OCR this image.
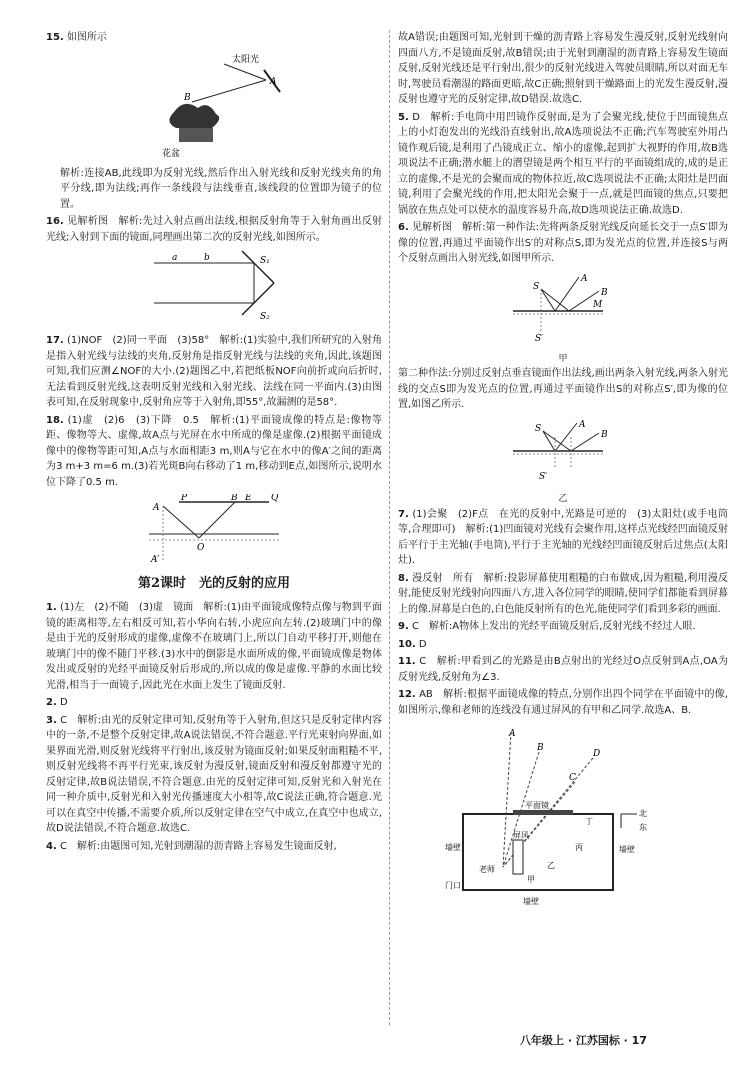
15. 如图所示
太阳光
A
B
花盆
解析:连接AB,此线即为反射光线,然后作出入射光线和反射光线夹角的角平分线,即为法线;再作一条线段与法线垂直,该线段的位置即为镜子的位置。
16. 见解析图　解析:先过入射点画出法线,根据反射角等于入射角画出反射光线;入射到下面的镜面,同理画出第二次的反射光线,如图所示。
a	b	S₁
S₂
17. (1)NOF　(2)同一平面　(3)58°　解析:(1)实验中,我们所研究的入射角是指入射光线与法线的夹角,反射角是指反射光线与法线的夹角,因此,该题图可知,我们应测∠NOF的大小.(2)题图乙中,若把纸板NOF向前折或向后折时,无法看到反射光线,这表明反射光线和入射光线、法线在同一平面内.(3)由图表可知,在反射现象中,反射角应等于入射角,即55°,故漏测的是58°.
18. (1)虚　(2)6　(3)下降　0.5　解析:(1)平面镜成像的特点是:像物等距、像物等大、虚像,故A点与光屏在水中所成的像是虚像.(2)根据平面镜成像中的像物等距可知,A点与水面相距3 m,则A与它在水中的像A′之间的距离为3 m+3 m=6 m.(3)若光斑B向右移动了1 m,移动到E点,如图所示,说明水位下降了0.5 m.
A
P	B E Q
O
A′
第2课时　光的反射的应用
1. (1)左　(2)不随　(3)虚　镜面　解析:(1)由平面镜成像特点像与物到平面镜的距离相等,左右相反可知,若小华向右转,小虎应向左转.(2)玻璃门中的像是由于光的反射形成的虚像,虚像不在玻璃门上,所以门自动平移打开,则他在玻璃门中的像不随门平移.(3)水中的倒影是水面所成的像,平面镜成像是物体发出或反射的光经平面镜反射后形成的,所以成的像是虚像.平静的水面比较光滑,相当于一面镜子,因此光在水面上发生了镜面反射.
2. D
3. C　解析:由光的反射定律可知,反射角等于入射角,但这只是反射定律内容中的一条,不是整个反射定律,故A说法错误,不符合题意.平行光束射向界面,如果界面光滑,则反射光线将平行射出,该反射为镜面反射;如果反射面粗糙不平,则反射光线将不再平行光束,该反射为漫反射,镜面反射和漫反射都遵守光的反射定律,故B说法错误,不符合题意.由光的反射定律可知,反射光和入射光在同一种介质中,反射光和入射光传播速度大小相等,故C说法正确,符合题意.光可以在真空中传播,不需要介质,所以反射定律在空气中成立,在真空中也成立,故D说法错误,不符合题意.故选C.
4. C　解析:由题图可知,光射到潮湿的沥青路上容易发生镜面反射,
故A错误;由题图可知,光射到干燥的沥青路上容易发生漫反射,反射光线射向四面八方,不是镜面反射,故B错误;由于光射到潮湿的沥青路上容易发生镜面反射,反射光线还是平行射出,很少的反射光线进入驾驶员眼睛,所以对面无车时,驾驶员看潮湿的路面更暗,故C正确;照射到干燥路面上的光发生漫反射,漫反射也遵守光的反射定律,故D错误.故选C.
5. D　解析:手电筒中用凹镜作反射面,是为了会聚光线,使位于凹面镜焦点上的小灯泡发出的光线沿直线射出,故A选项说法不正确;汽车驾驶室外用凸镜作观后镜,是利用了凸镜成正立、缩小的虚像,起到扩大视野的作用,故B选项说法不正确;潜水艇上的潜望镜是两个相互平行的平面镜组成的,成的是正立的虚像,不是光的会聚而成的物体拉近,故C选项说法不正确;太阳灶是凹面镜,利用了会聚光线的作用,把太阳光会聚于一点,就是凹面镜的焦点,只要把锅放在焦点处可以使水的温度容易升高,故D选项说法正确.故选D.
6. 见解析图　解析:第一种作法:先将两条反射光线反向延长交于一点S′即为像的位置,再通过平面镜作出S′的对称点S,即为发光点的位置,并连接S与两个反射点画出入射光线,如图甲所示.
S
A
B
M
S′
甲
第二种作法:分别过反射点垂直镜面作出法线,画出两条入射光线,两条入射光线的交点S即为发光点的位置,再通过平面镜作出S的对称点S′,即为像的位置,如图乙所示.
S	A
B
S′
乙
7. (1)会聚　(2)F点　在光的反射中,光路是可逆的　(3)太阳灶(或手电筒等,合理即可)　解析:(1)凹面镜对光线有会聚作用,这样点光线经凹面镜反射后平行于主光轴(手电筒),平行于主光轴的光线经凹面镜反射后过焦点(太阳灶).
8. 漫反射　所有　解析:投影屏幕使用粗糙的白布做成,因为粗糙,利用漫反射,能使反射光线射向四面八方,进入各位同学的眼睛,使同学们都能看到屏幕上的像.屏幕是白色的,白色能反射所有的色光,能使同学们看到多彩的画面.
9. C　解析:A物体上发出的光经平面镜反射后,反射光线不经过人眼.
10. D
11. C　解析:甲看到乙的光路是由B点射出的光经过O点反射到A点,OA为反射光线,反射角为∠3.
12. AB　解析:根据平面镜成像的特点,分别作出四个同学在平面镜中的像,如图所示,像和老师的连线没有通过屏风的有甲和乙同学.故选A、B.
A
B
C
D
平面镜
丁
北
东
墙壁	墙壁
老师
屏风
甲
乙
丙
门口
墙壁
八年级上 · 江苏国标 · 17
